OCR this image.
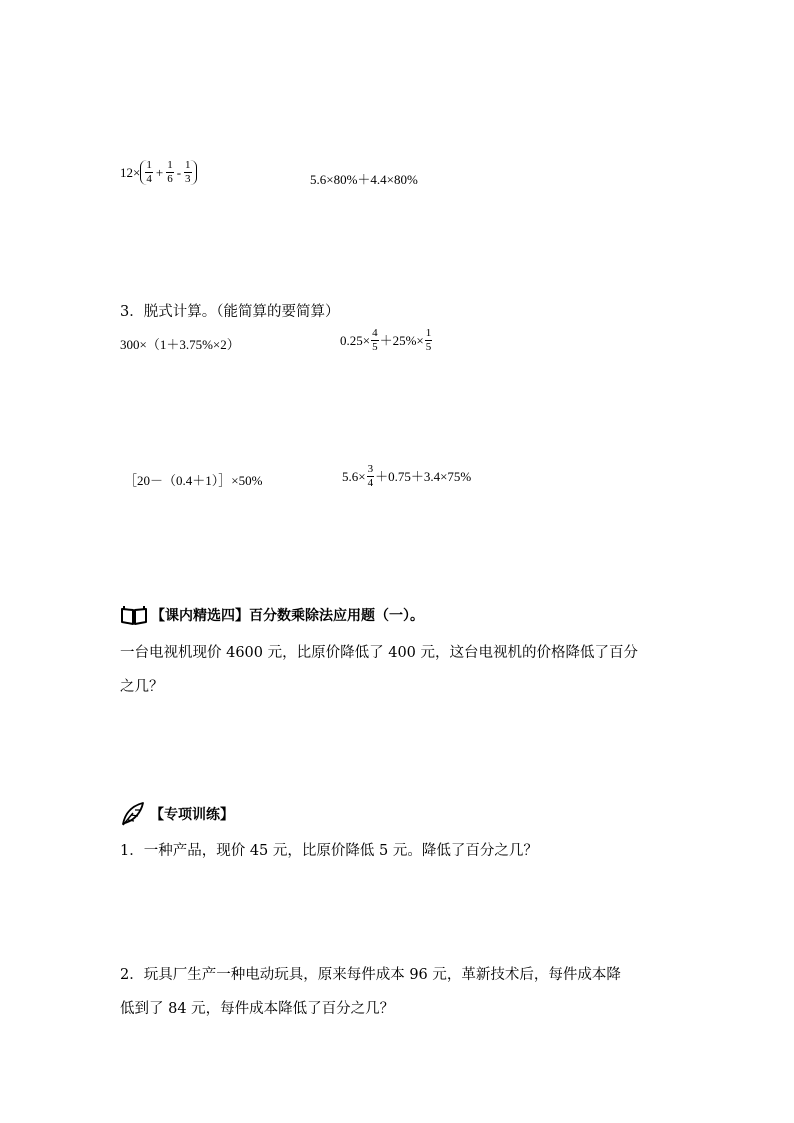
$12\times \frac{1}{4} + \frac{1}{6} - \frac{1}{3}$	5.6×80%＋4.4×80%
3．脱式计算。（能简算的要简算）
300×（1＋3.75%×2）	$0.25\times \frac{4}{5} +25\%\times \frac{1}{5}$
［20－（0.4＋1）］×50%	$5.6\times \frac{3}{4} +0.75+3.4\times 75\%$
【课内精选四】百分数乘除法应用题（一）。
一台电视机现价 4600 元，比原价降低了 400 元，这台电视机的价格降低了百分
之几？
【专项训练】
1．一种产品，现价 45 元，比原价降低 5 元。降低了百分之几？
2．玩具厂生产一种电动玩具，原来每件成本 96 元，革新技术后，每件成本降
低到了 84 元，每件成本降低了百分之几？
